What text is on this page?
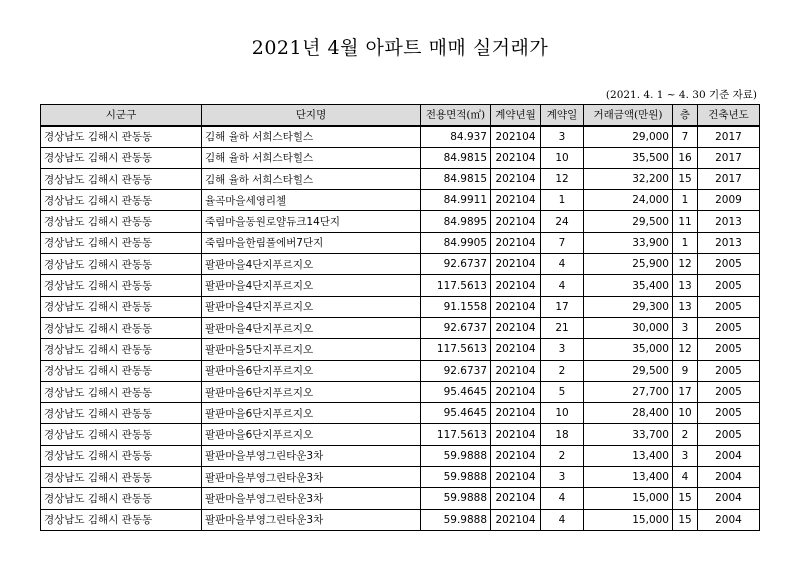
2021년 4월 아파트 매매 실거래가
(2021. 4. 1 ~ 4. 30 기준 자료)
시군구	단지명	전용면적(㎡)	계약년월	계약일	거래금액(만원)	층	건축년도
경상남도 김해시 관동동	김해 율하 서희스타힐스	84.937	202104	3	29,000	7	2017
경상남도 김해시 관동동	김해 율하 서희스타힐스	84.9815	202104	10	35,500	16	2017
경상남도 김해시 관동동	김해 율하 서희스타힐스	84.9815	202104	12	32,200	15	2017
경상남도 김해시 관동동	율곡마을세영리첼	84.9911	202104	1	24,000	1	2009
경상남도 김해시 관동동	죽림마을동원로얄듀크14단지	84.9895	202104	24	29,500	11	2013
경상남도 김해시 관동동	죽림마을한림풀에버7단지	84.9905	202104	7	33,900	1	2013
경상남도 김해시 관동동	팔판마을4단지푸르지오	92.6737	202104	4	25,900	12	2005
경상남도 김해시 관동동	팔판마을4단지푸르지오	117.5613	202104	4	35,400	13	2005
경상남도 김해시 관동동	팔판마을4단지푸르지오	91.1558	202104	17	29,300	13	2005
경상남도 김해시 관동동	팔판마을4단지푸르지오	92.6737	202104	21	30,000	3	2005
경상남도 김해시 관동동	팔판마을5단지푸르지오	117.5613	202104	3	35,000	12	2005
경상남도 김해시 관동동	팔판마을6단지푸르지오	92.6737	202104	2	29,500	9	2005
경상남도 김해시 관동동	팔판마을6단지푸르지오	95.4645	202104	5	27,700	17	2005
경상남도 김해시 관동동	팔판마을6단지푸르지오	95.4645	202104	10	28,400	10	2005
경상남도 김해시 관동동	팔판마을6단지푸르지오	117.5613	202104	18	33,700	2	2005
경상남도 김해시 관동동	팔판마을부영그린타운3차	59.9888	202104	2	13,400	3	2004
경상남도 김해시 관동동	팔판마을부영그린타운3차	59.9888	202104	3	13,400	4	2004
경상남도 김해시 관동동	팔판마을부영그린타운3차	59.9888	202104	4	15,000	15	2004
경상남도 김해시 관동동	팔판마을부영그린타운3차	59.9888	202104	4	15,000	15	2004
